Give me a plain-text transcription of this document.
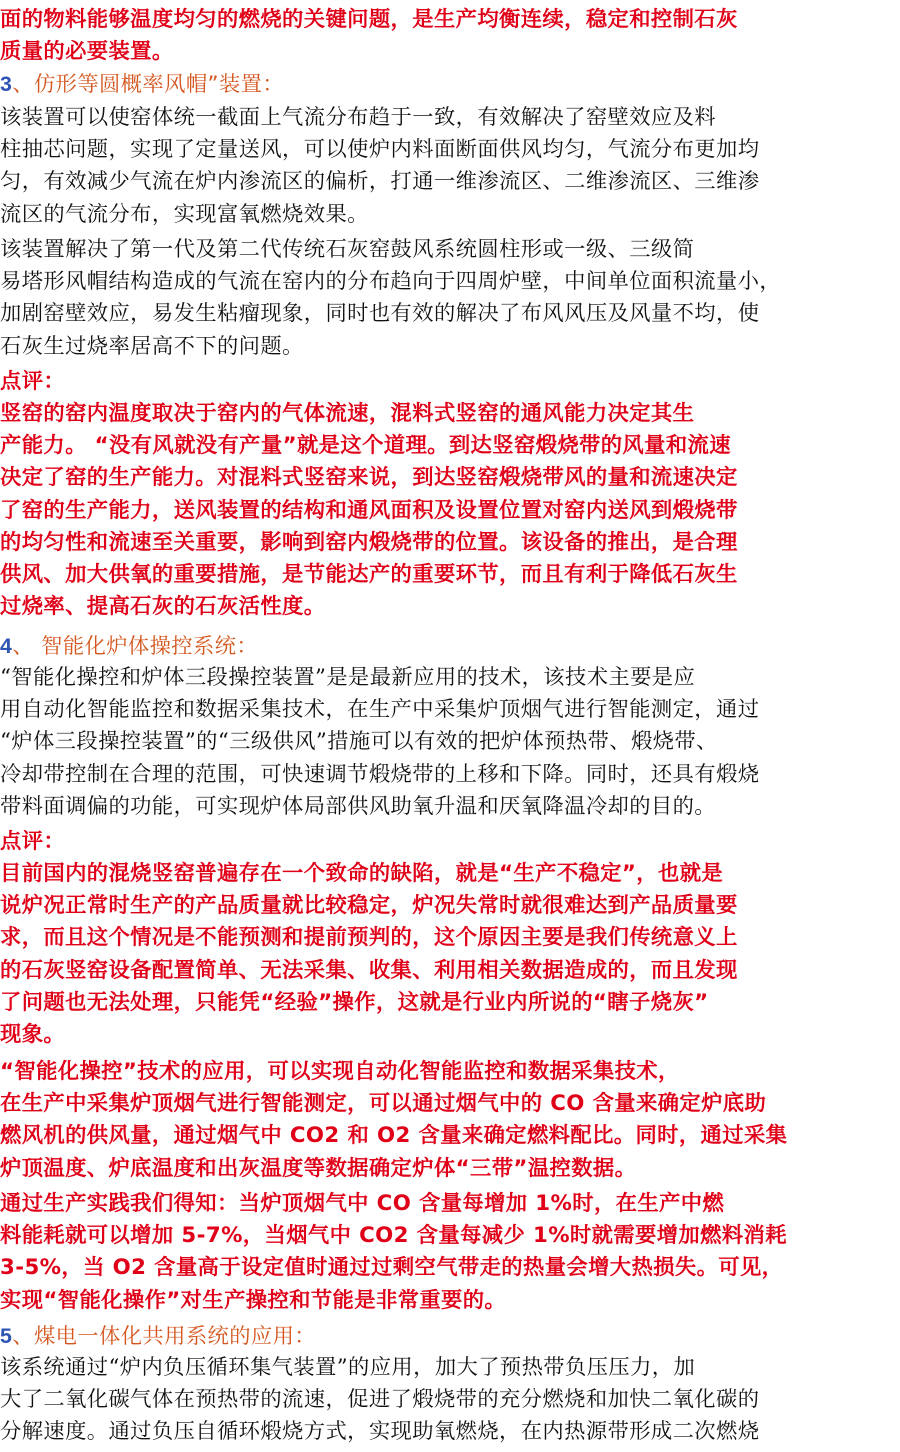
面的物料能够温度均匀的燃烧的关键问题，是生产均衡连续，稳定和控制石灰
质量的必要装置。
3、仿形等圆概率风帽”装置：
该装置可以使窑体统一截面上气流分布趋于一致，有效解决了窑壁效应及料
柱抽芯问题，实现了定量送风，可以使炉内料面断面供风均匀，气流分布更加均
匀，有效减少气流在炉内渗流区的偏析，打通一维渗流区、二维渗流区、三维渗
流区的气流分布，实现富氧燃烧效果。
该装置解决了第一代及第二代传统石灰窑鼓风系统圆柱形或一级、三级简
易塔形风帽结构造成的气流在窑内的分布趋向于四周炉壁，中间单位面积流量小，
加剧窑壁效应，易发生粘瘤现象，同时也有效的解决了布风风压及风量不均，使
石灰生过烧率居高不下的问题。
点评：
竖窑的窑内温度取决于窑内的气体流速，混料式竖窑的通风能力决定其生
产能力。 “没有风就没有产量”就是这个道理。到达竖窑煅烧带的风量和流速
决定了窑的生产能力。对混料式竖窑来说，到达竖窑煅烧带风的量和流速决定
了窑的生产能力，送风装置的结构和通风面积及设置位置对窑内送风到煅烧带
的均匀性和流速至关重要，影响到窑内煅烧带的位置。该设备的推出，是合理
供风、加大供氧的重要措施，是节能达产的重要环节，而且有利于降低石灰生
过烧率、提高石灰的石灰活性度。
4、 智能化炉体操控系统：
“智能化操控和炉体三段操控装置”是是最新应用的技术，该技术主要是应
用自动化智能监控和数据采集技术，在生产中采集炉顶烟气进行智能测定，通过
“炉体三段操控装置”的“三级供风”措施可以有效的把炉体预热带、煅烧带、
冷却带控制在合理的范围，可快速调节煅烧带的上移和下降。同时，还具有煅烧
带料面调偏的功能，可实现炉体局部供风助氧升温和厌氧降温冷却的目的。
点评：
目前国内的混烧竖窑普遍存在一个致命的缺陷，就是“生产不稳定”，也就是
说炉况正常时生产的产品质量就比较稳定，炉况失常时就很难达到产品质量要
求，而且这个情况是不能预测和提前预判的，这个原因主要是我们传统意义上
的石灰竖窑设备配置简单、无法采集、收集、利用相关数据造成的，而且发现
了问题也无法处理，只能凭“经验”操作，这就是行业内所说的“瞎子烧灰”
现象。
“智能化操控”技术的应用，可以实现自动化智能监控和数据采集技术，
在生产中采集炉顶烟气进行智能测定，可以通过烟气中的 CO 含量来确定炉底助
燃风机的供风量，通过烟气中 CO2 和 O2 含量来确定燃料配比。同时，通过采集
炉顶温度、炉底温度和出灰温度等数据确定炉体“三带”温控数据。
通过生产实践我们得知：当炉顶烟气中 CO 含量每增加 1%时，在生产中燃
料能耗就可以增加 5-7%，当烟气中 CO2 含量每减少 1%时就需要增加燃料消耗
3-5%，当 O2 含量高于设定值时通过过剩空气带走的热量会增大热损失。可见，
实现“智能化操作”对生产操控和节能是非常重要的。
5、煤电一体化共用系统的应用：
该系统通过“炉内负压循环集气装置”的应用，加大了预热带负压压力，加
大了二氧化碳气体在预热带的流速，促进了煅烧带的充分燃烧和加快二氧化碳的
分解速度。通过负压自循环煅烧方式，实现助氧燃烧，在内热源带形成二次燃烧
